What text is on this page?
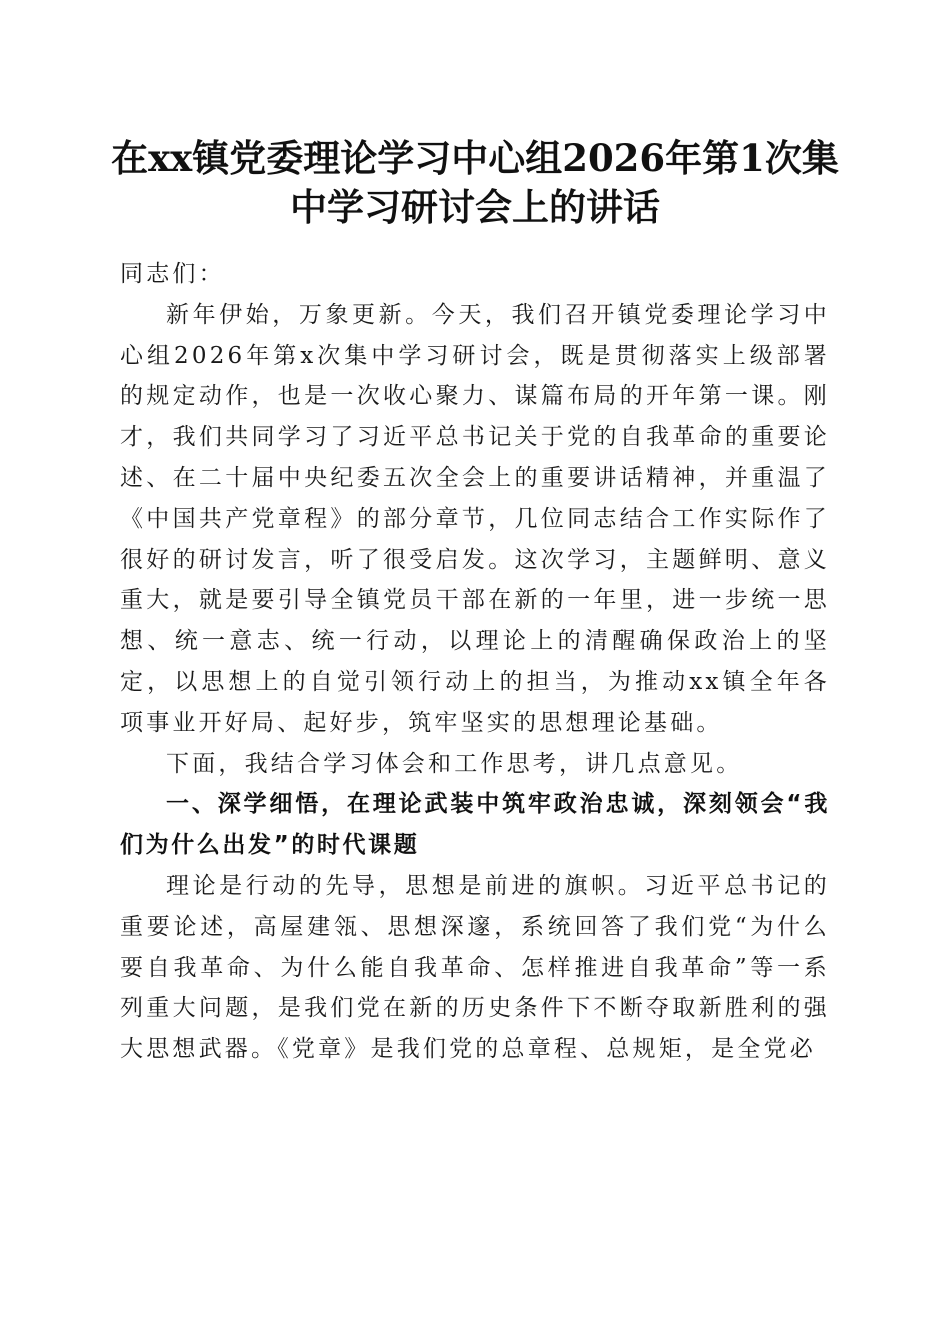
在xx镇党委理论学习中心组2026年第1次集
中学习研讨会上的讲话

同志们：

新年伊始，万象更新。今天，我们召开镇党委理论学习中心组2026年第x次集中学习研讨会，既是贯彻落实上级部署的规定动作，也是一次收心聚力、谋篇布局的开年第一课。刚才，我们共同学习了习近平总书记关于党的自我革命的重要论述、在二十届中央纪委五次全会上的重要讲话精神，并重温了《中国共产党章程》的部分章节，几位同志结合工作实际作了很好的研讨发言，听了很受启发。这次学习，主题鲜明、意义重大，就是要引导全镇党员干部在新的一年里，进一步统一思想、统一意志、统一行动，以理论上的清醒确保政治上的坚定，以思想上的自觉引领行动上的担当，为推动xx镇全年各项事业开好局、起好步，筑牢坚实的思想理论基础。

下面，我结合学习体会和工作思考，讲几点意见。

一、深学细悟，在理论武装中筑牢政治忠诚，深刻领会“我们为什么出发”的时代课题

理论是行动的先导，思想是前进的旗帜。习近平总书记的重要论述，高屋建瓴、思想深邃，系统回答了我们党“为什么要自我革命、为什么能自我革命、怎样推进自我革命”等一系列重大问题，是我们党在新的历史条件下不断夺取新胜利的强大思想武器。《党章》是我们党的总章程、总规矩，是全党必
